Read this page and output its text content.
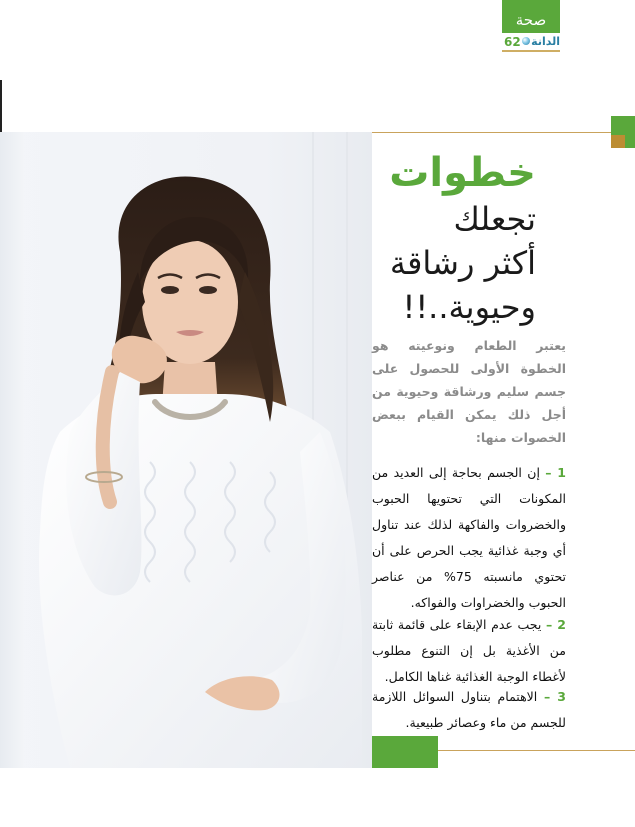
صحة
الدانة
62
خطوات
تجعلك
أكثر رشاقة
وحيوية..!!
يعتبر الطعام ونوعيته هو الخطوة الأولى للحصول على جسم سليم ورشاقة وحيوية من أجل ذلك يمكن القيام ببعض الخصوات منها:

1 – إن الجسم بحاجة إلى العديد من المكونات التي تحتويها الحبوب والخضروات والفاكهة لذلك عند تناول أي وجبة غذائية يجب الحرص على أن تحتوي مانسبته 75% من عناصر الحبوب والخضراوات والفواكه.

2 – يجب عدم الإبقاء على قائمة ثابتة من الأغذية بل إن التنوع مطلوب لأغطاء الوجبة الغذائية غناها الكامل.

3 – الاهتمام بتناول السوائل اللازمة للجسم من ماء وعصائر طبيعية.
